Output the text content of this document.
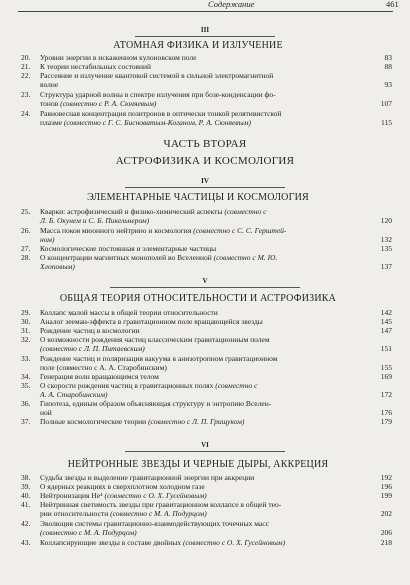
Содержание	461
III
АТОМНАЯ ФИЗИКА И ИЗЛУЧЕНИЕ
20.	Уровни энергии в искаженном кулоновском поле	83
21.	К теории нестабильных состояний	88
22.	Рассеяние и излучение квантовой системой в сильной электромагнитной
волне	93
23.	Структура ударной волны в спектре излучения при бозе-конденсации фо-
тонов (совместно с Р. А. Сюняевым)	107
24.	Равновесная концентрация позитронов в оптически тонкой релятивистской
плазме (совместно с Г. С. Бисноватым-Коганом, Р. А. Сюняевым)	115
ЧАСТЬ ВТОРАЯ
АСТРОФИЗИКА И КОСМОЛОГИЯ
IV
ЭЛЕМЕНТАРНЫЕ ЧАСТИЦЫ И КОСМОЛОГИЯ
25.	Кварки: астрофизический и физико-химический аспекты (совместно с
Л. Б. Окунем и С. Б. Пикельнером)	120
26.	Масса покоя мюонного нейтрино и космология (совместно с С. С. Герштей-
ном)	132
27.	Космологические постоянная и элементарные частицы	135
28.	О концентрации магнитных монополей во Вселенной (совместно с М. Ю.
Хлоповым)	137
V
ОБЩАЯ ТЕОРИЯ ОТНОСИТЕЛЬНОСТИ И АСТРОФИЗИКА
29.	Коллапс малой массы в общей теории относительности	142
30.	Аналог зееман-эффекта в гравитационном поле вращающейся звезды	145
31.	Рождение частиц в космологии	147
32.	О возможности рождения частиц классическим гравитационным полем
(совместно с Л. П. Питаевским)	151
33.	Рождение частиц и поляризация вакуума в анизотропном гравитационном
поле (совместно с А. А. Старобинским)	155
34.	Генерация волн вращающимся телом	169
35.	О скорости рождения частиц в гравитационных полях (совместно с
А. А. Старобинским)	172
36.	Гипотеза, единым образом объясняющая структуру и энтропию Вселен-
ной	176
37.	Полные космологические теории (совместно с Л. П. Грищуком)	179
VI
НЕЙТРОННЫЕ ЗВЕЗДЫ И ЧЕРНЫЕ ДЫРЫ, АККРЕЦИЯ
38.	Судьба звезды и выделение гравитационной энергии при аккреции	192
39.	О ядерных реакциях в сверхплотном холодном газе	196
40.	Нейтронизация He⁴ (совместно с О. Х. Гусейновым)	199
41.	Нейтринная светимость звезды при гравитационном коллапсе в общей тео-
рии относительности (совместно с М. А. Подурцом)	202
42.	Эволюция системы гравитационно-взаимодействующих точечных масс
(совместно с М. А. Подурцом)	206
43.	Коллапсирующие звезды в составе двойных (совместно с О. Х. Гусейновым)	218
